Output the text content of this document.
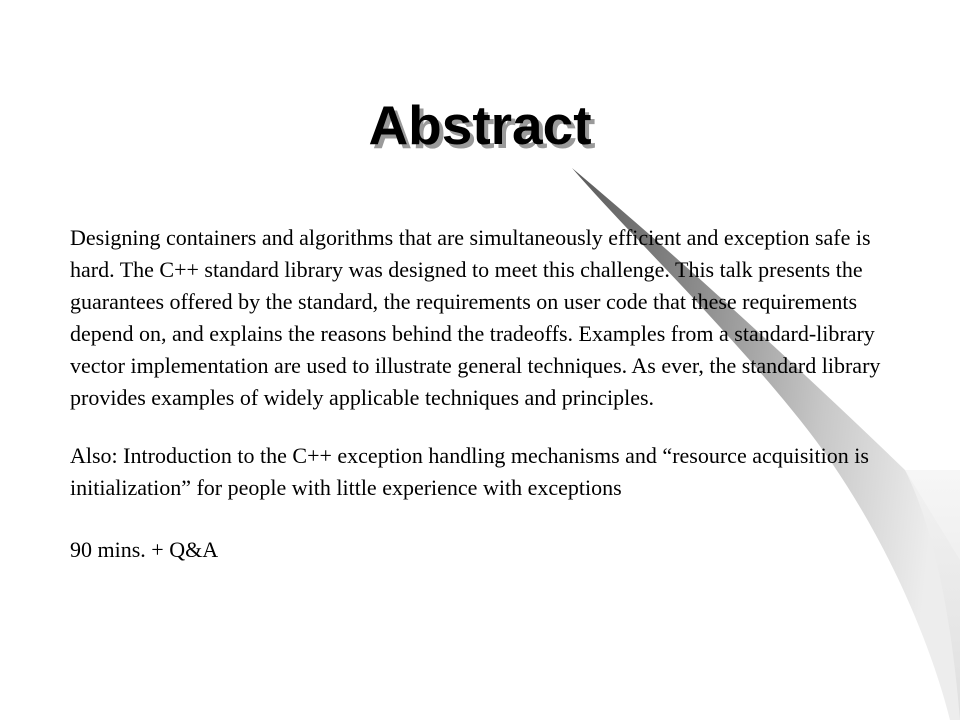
Abstract

Designing containers and algorithms that are simultaneously efficient and exception safe is hard. The C++ standard library was designed to meet this challenge. This talk presents the guarantees offered by the standard, the requirements on user code that these requirements depend on, and explains the reasons behind the tradeoffs. Examples from a standard-library vector implementation are used to illustrate general techniques. As ever, the standard library provides examples of widely applicable techniques and principles.

Also: Introduction to the C++ exception handling mechanisms and “resource acquisition is initialization” for people with little experience with exceptions

90 mins. + Q&A
